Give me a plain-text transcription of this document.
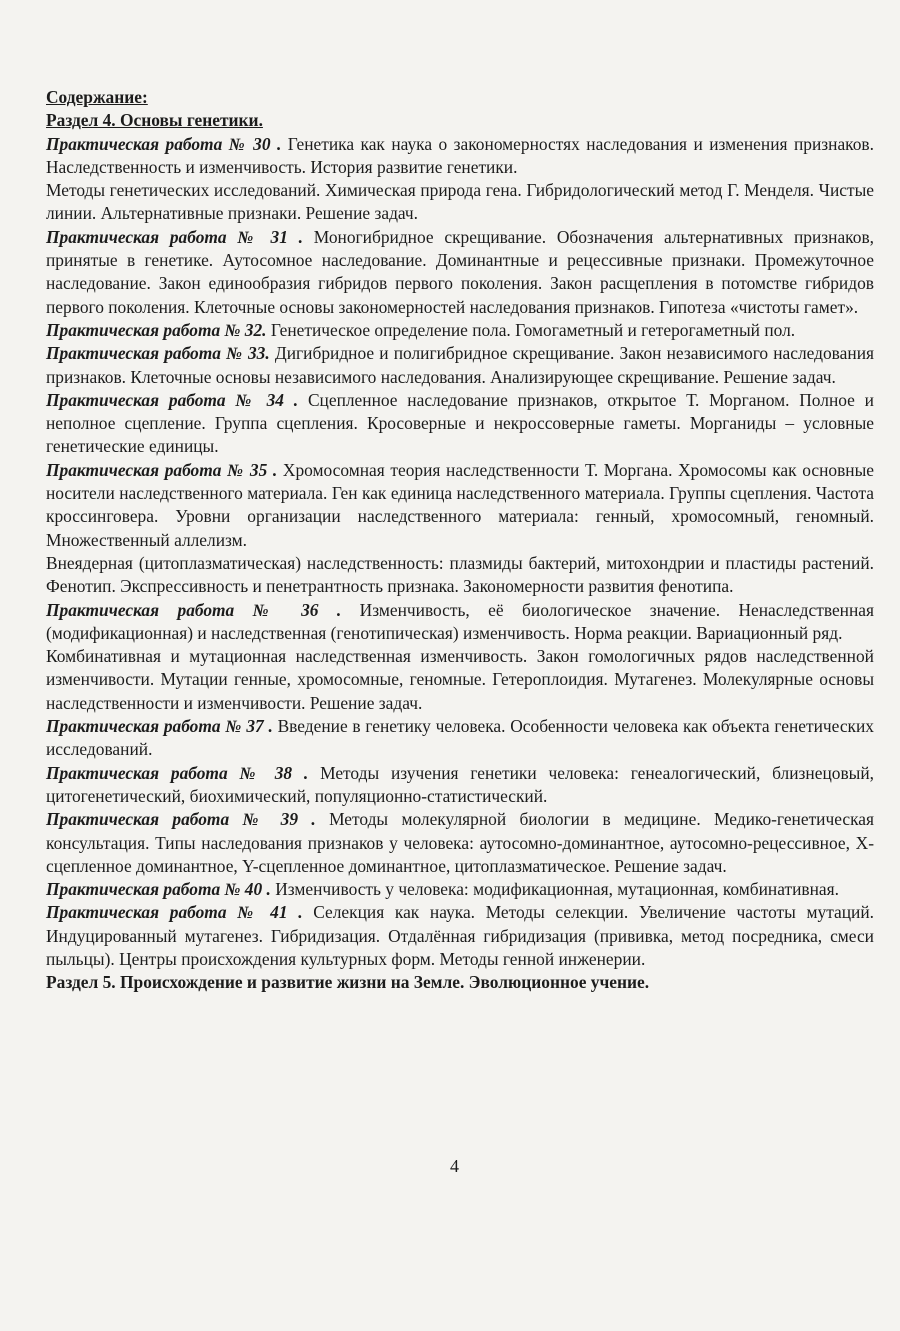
Содержание:
Раздел 4. Основы генетики.

Практическая работа № 30 . Генетика как наука о закономерностях наследования и изменения признаков. Наследственность и изменчивость. История развитие генетики.

Методы генетических исследований. Химическая природа гена. Гибридологический метод Г. Менделя. Чистые линии. Альтернативные признаки. Решение задач.

Практическая работа № 31 . Моногибридное скрещивание. Обозначения альтернативных признаков, принятые в генетике. Аутосомное наследование. Доминантные и рецессивные признаки. Промежуточное наследование. Закон единообразия гибридов первого поколения. Закон расщепления в потомстве гибридов первого поколения. Клеточные основы закономерностей наследования признаков. Гипотеза «чистоты гамет».

Практическая работа № 32. Генетическое определение пола. Гомогаметный и гетерогаметный пол.

Практическая работа № 33. Дигибридное и полигибридное скрещивание. Закон независимого наследования признаков. Клеточные основы независимого наследования. Анализирующее скрещивание. Решение задач.

Практическая работа № 34 . Сцепленное наследование признаков, открытое Т. Морганом. Полное и неполное сцепление. Группа сцепления. Кросоверные и некроссоверные гаметы. Морганиды – условные генетические единицы.

Практическая работа № 35 . Хромосомная теория наследственности Т. Моргана. Хромосомы как основные носители наследственного материала. Ген как единица наследственного материала. Группы сцепления. Частота кроссинговера. Уровни организации наследственного материала: генный, хромосомный, геномный. Множественный аллелизм.

Внеядерная (цитоплазматическая) наследственность: плазмиды бактерий, митохондрии и пластиды растений. Фенотип. Экспрессивность и пенетрантность признака. Закономерности развития фенотипа.

Практическая работа № 36 . Изменчивость, её биологическое значение. Ненаследственная (модификационная) и наследственная (генотипическая) изменчивость. Норма реакции. Вариационный ряд.

Комбинативная и мутационная наследственная изменчивость. Закон гомологичных рядов наследственной изменчивости. Мутации генные, хромосомные, геномные. Гетероплоидия. Мутагенез. Молекулярные основы наследственности и изменчивости. Решение задач.

Практическая работа № 37 . Введение в генетику человека. Особенности человека как объекта генетических исследований.

Практическая работа № 38 . Методы изучения генетики человека: генеалогический, близнецовый, цитогенетический, биохимический, популяционно-статистический.

Практическая работа № 39 . Методы молекулярной биологии в медицине. Медико-генетическая консультация. Типы наследования признаков у человека: аутосомно-доминантное, аутосомно-рецессивное, Х-сцепленное доминантное, Y-сцепленное доминантное, цитоплазматическое. Решение задач.

Практическая работа № 40 . Изменчивость у человека: модификационная, мутационная, комбинативная.

Практическая работа № 41 . Селекция как наука. Методы селекции. Увеличение частоты мутаций. Индуцированный мутагенез. Гибридизация. Отдалённая гибридизация (прививка, метод посредника, смеси пыльцы). Центры происхождения культурных форм. Методы генной инженерии.

Раздел 5. Происхождение и развитие жизни на Земле. Эволюционное учение.
4
